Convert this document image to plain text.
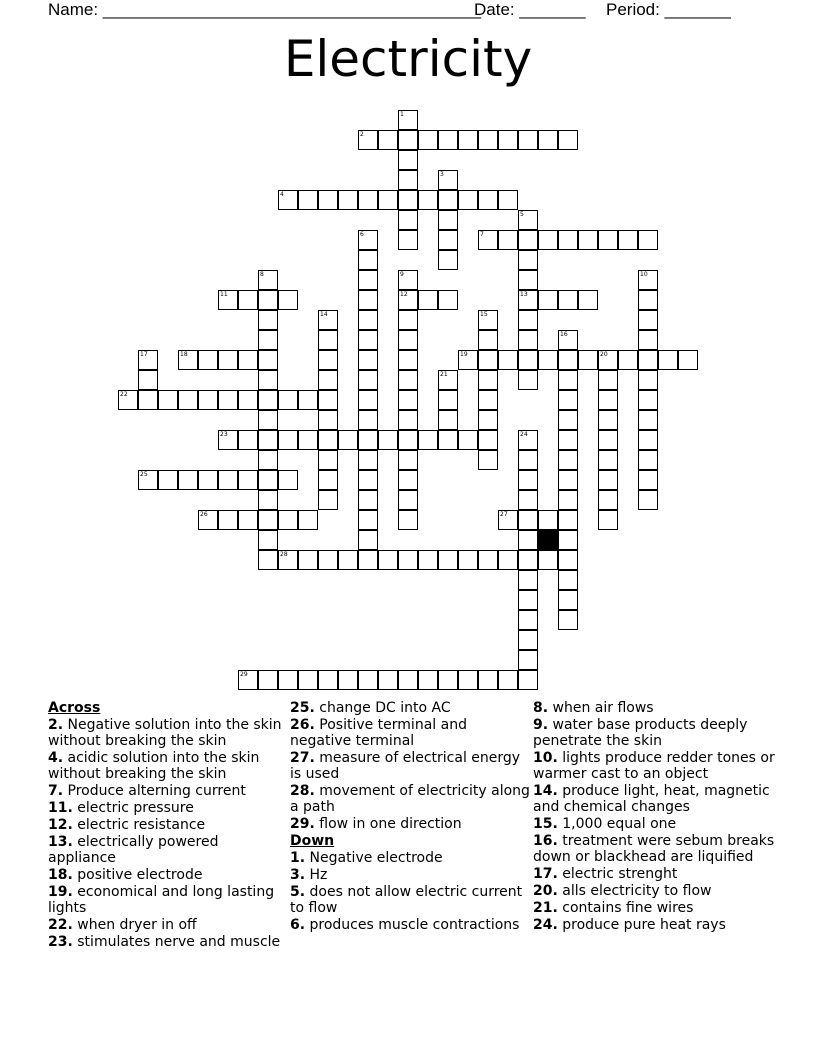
Name: ________________________________________
Date: _______ Period: _______
Electricity
1
2
3
4
5
13
6	7
8	9
12
10
11
14	15
16
17	18	19	20
21
22
23	24
25
26	27
28
29
Across
2. Negative solution into the skin without breaking the skin
4. acidic solution into the skin without breaking the skin
7. Produce alterning current
11. electric pressure
12. electric resistance
13. electrically powered appliance
18. positive electrode
19. economical and long lasting lights
22. when dryer in off
23. stimulates nerve and muscle
25. change DC into AC
26. Positive terminal and negative terminal
27. measure of electrical energy is used
28. movement of electricity along a path
29. flow in one direction
Down
1. Negative electrode
3. Hz
5. does not allow electric current to flow
6. produces muscle contractions
8. when air flows
9. water base products deeply penetrate the skin
10. lights produce redder tones or warmer cast to an object
14. produce light, heat, magnetic and chemical changes
15. 1,000 equal one
16. treatment were sebum breaks down or blackhead are liquified
17. electric strenght
20. alls electricity to flow
21. contains fine wires
24. produce pure heat rays
